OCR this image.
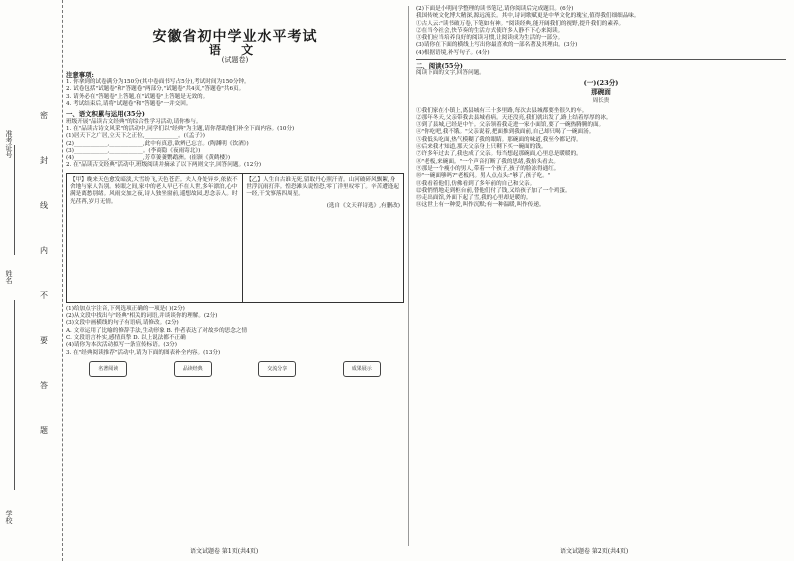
准考证号
姓名
学校
密
封
线
内
不
要
答
题
安徽省初中学业水平考试
语 文
(试题卷)

注意事项:

1. 你拿到的试卷满分为150分(其中卷面书写占5分),考试时间为150分钟。

2. 试卷包括"试题卷"和"答题卷"两部分,"试题卷"共4页,"答题卷"共6页。

3. 请务必在"答题卷"上答题,在"试题卷"上答题是无效的。

4. 考试结束后,请将"试题卷"和"答题卷"一并交回。

一、语文积累与运用(35分)

班级开展"品读古文经典"的综合性学习活动,请你参与。

1. 在"品读古诗文风采"的活动中,同学们以"经典"为主题,请你帮助他们补全下面内容。(10分)

(1)居天下之广居,立天下之正位,____________。(《孟子》)

(2)____________,____________,此中有真意,欲辨已忘言。(陶渊明《饮酒》)

(3)____________,____________。(李商隐《夜雨寄北》)

(4)____________,____________,芳草萋萋鹦鹉洲。(崔颢《黄鹤楼》)

2. 在"品读古文经典"活动中,班级阅读并摘录了以下两则文字,回答问题。(12分)

【甲】晚来天色愈发暗淡,大雪纷飞,天色苍茫。夫人身处异乡,依依不舍地与家人告别。转眼之间,家中的老人早已不在人世,多年漂泊,心中满是离愁别绪。风雨交加之夜,诗人独坐窗前,遥想故园,思念亲人。时光荏苒,岁月无情。

【乙】人生自古谁无死,留取丹心照汗青。山河破碎风飘絮,身世浮沉雨打萍。惶恐滩头说惶恐,零丁洋里叹零丁。辛苦遭逢起一经,干戈寥落四周星。

(选自《文天祥诗选》,有删改)

(1)给加点字注音,下列选项正确的一项是( )(2分)

(2)从文段中找出与"经典"相关的词语,并谈谈你的理解。(2分)

(3)文段中画横线的句子有语病,请修改。(2分)

A. 文章运用了比喻的修辞手法,生动形象 B. 作者表达了对故乡的思念之情

C. 文段语言朴实,感情真挚 D. 以上说法都不正确

(4)请你为本次活动拟写一条宣传标语。(3分)

3. 在"经典阅读推荐"活动中,请为下面的图表补全内容。(13分)

名著阅读	品读经典	交流分享	成果展示
语文试题卷 第1页(共4页)

(2)下面是小明同学整理的读书笔记,请你阅读后完成题目。(6分)

我国传统文化博大精深,源远流长。其中,诗词歌赋更是中华文化的瑰宝,值得我们细细品味。

①古人云:"读书破万卷,下笔如有神。"阅读经典,能开阔我们的视野,提升我们的素养。

②在当今社会,快节奏的生活方式使许多人静不下心来阅读。

③我们应当培养良好的阅读习惯,让阅读成为生活的一部分。

(3)请你在下面的横线上写出你最喜欢的一部名著及其理由。(3分)

(4)根据语境,补写句子。(4分)

二、阅读(55分)

阅读下面的文字,回答问题。

(一)(23分)
那碗面
周长贵

①我们家在小镇上,离县城有三十多里路,每次去县城都要坐很久的车。

②那年冬天,父亲带我去县城看病。天还没亮,我们就出发了,路上结着厚厚的冰。

③到了县城,已经是中午。父亲领着我走进一家小面馆,要了一碗热腾腾的面。

④"你吃吧,我不饿。"父亲说着,把面推到我面前,自己却只喝了一碗面汤。

⑤我低头吃面,热气模糊了我的眼睛。那碗面的味道,我至今都记得。

⑥后来我才知道,那天父亲身上只剩下买一碗面的钱。

⑦许多年过去了,我也成了父亲。每当想起那碗面,心里总是暖暖的。

⑧"老板,来碗面。"一个声音打断了我的思绪,我抬头看去。

⑨那是一个瘦小的男人,带着一个孩子,孩子的脸冻得通红。

⑩"一碗面够吗?"老板问。男人点点头:"够了,孩子吃。"

⑪我看着他们,仿佛看到了多年前的自己和父亲。

⑫我悄悄地走到柜台前,替他们付了钱,又给孩子加了一个鸡蛋。

⑬走出面馆,外面下起了雪,我的心里却是暖的。

⑭这世上有一种爱,叫作沉默;有一种温暖,叫作传递。

语文试题卷 第2页(共4页)
